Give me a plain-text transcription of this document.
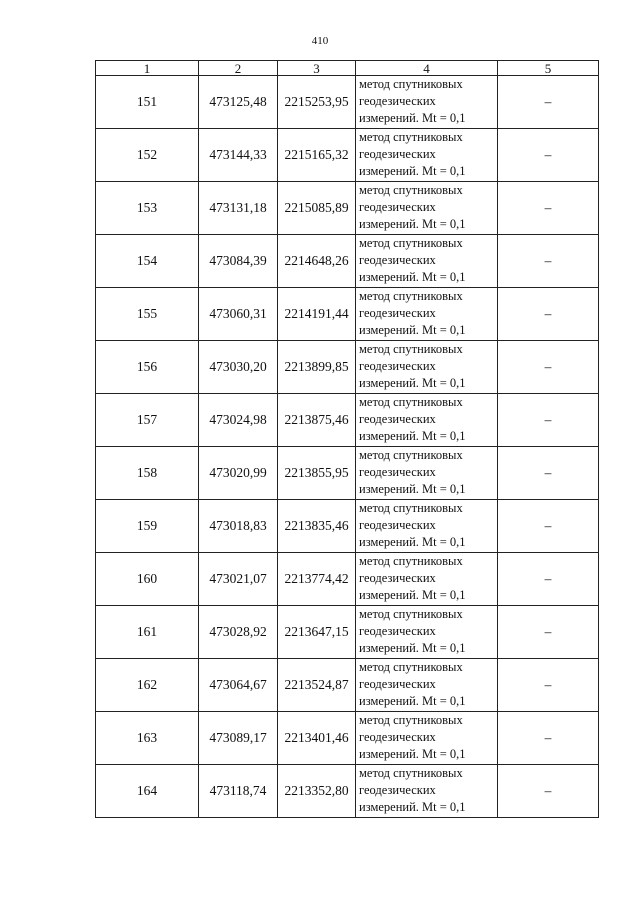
410
1	2	3	4	5
151	473125,48	2215253,95	метод спутниковых
геодезических
измерений. Mt = 0,1	–
152	473144,33	2215165,32	метод спутниковых
геодезических
измерений. Mt = 0,1	–
153	473131,18	2215085,89	метод спутниковых
геодезических
измерений. Mt = 0,1	–
154	473084,39	2214648,26	метод спутниковых
геодезических
измерений. Mt = 0,1	–
155	473060,31	2214191,44	метод спутниковых
геодезических
измерений. Mt = 0,1	–
156	473030,20	2213899,85	метод спутниковых
геодезических
измерений. Mt = 0,1	–
157	473024,98	2213875,46	метод спутниковых
геодезических
измерений. Mt = 0,1	–
158	473020,99	2213855,95	метод спутниковых
геодезических
измерений. Mt = 0,1	–
159	473018,83	2213835,46	метод спутниковых
геодезических
измерений. Mt = 0,1	–
160	473021,07	2213774,42	метод спутниковых
геодезических
измерений. Mt = 0,1	–
161	473028,92	2213647,15	метод спутниковых
геодезических
измерений. Mt = 0,1	–
162	473064,67	2213524,87	метод спутниковых
геодезических
измерений. Mt = 0,1	–
163	473089,17	2213401,46	метод спутниковых
геодезических
измерений. Mt = 0,1	–
164	473118,74	2213352,80	метод спутниковых
геодезических
измерений. Mt = 0,1	–
